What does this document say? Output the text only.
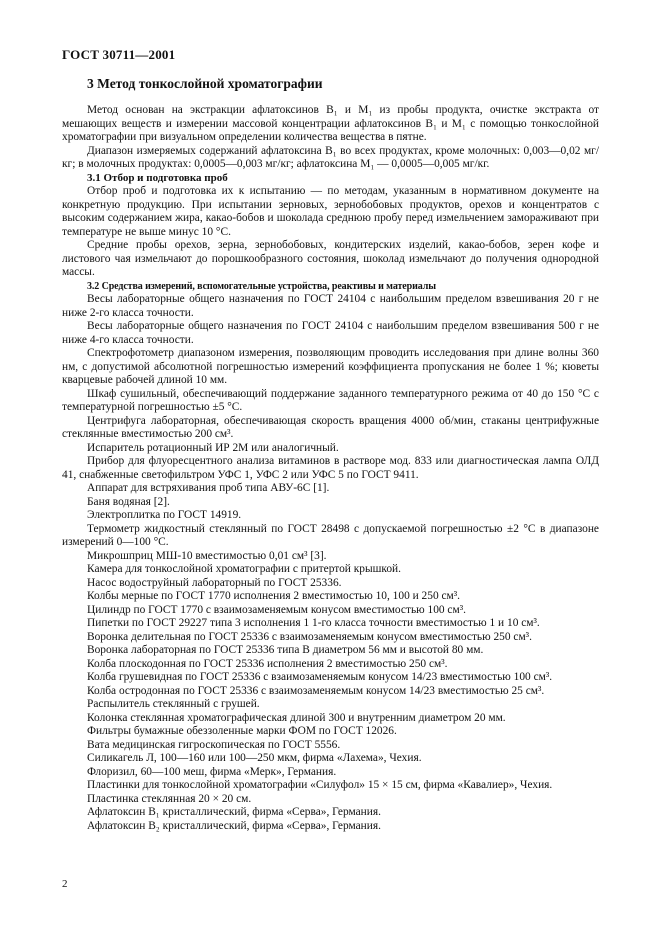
ГОСТ 30711—2001
3 Метод тонкослойной хроматографии

Метод основан на экстракции афлатоксинов B₁ и M₁ из пробы продукта, очистке экстракта от мешающих веществ и измерении массовой концентрации афлатоксинов B₁ и M₁ с помощью тонкослойной хроматографии при визуальном определении количества вещества в пятне.

Диапазон измеряемых содержаний афлатоксина B₁ во всех продуктах, кроме молочных: 0,003—0,02 мг/кг; в молочных продуктах: 0,0005—0,003 мг/кг; афлатоксина M₁ — 0,0005—0,005 мг/кг.

3.1 Отбор и подготовка проб

Отбор проб и подготовка их к испытанию — по методам, указанным в нормативном документе на конкретную продукцию. При испытании зерновых, зернобобовых продуктов, орехов и концентратов с высоким содержанием жира, какао-бобов и шоколада среднюю пробу перед измельчением замораживают при температуре не выше минус 10 °С.

Средние пробы орехов, зерна, зернобобовых, кондитерских изделий, какао-бобов, зерен кофе и листового чая измельчают до порошкообразного состояния, шоколад измельчают до получения однородной массы.

3.2 Средства измерений, вспомогательные устройства, реактивы и материалы

Весы лабораторные общего назначения по ГОСТ 24104 с наибольшим пределом взвешивания 20 г не ниже 2-го класса точности.

Весы лабораторные общего назначения по ГОСТ 24104 с наибольшим пределом взвешивания 500 г не ниже 4-го класса точности.

Спектрофотометр диапазоном измерения, позволяющим проводить исследования при длине волны 360 нм, с допустимой абсолютной погрешностью измерений коэффициента пропускания не более 1 %; кюветы кварцевые рабочей длиной 10 мм.

Шкаф сушильный, обеспечивающий поддержание заданного температурного режима от 40 до 150 °С с температурной погрешностью ±5 °С.

Центрифуга лабораторная, обеспечивающая скорость вращения 4000 об/мин, стаканы центрифужные стеклянные вместимостью 200 см³.

Испаритель ротационный ИР 2М или аналогичный.

Прибор для флуоресцентного анализа витаминов в растворе мод. 833 или диагностическая лампа ОЛД 41, снабженные светофильтром УФС 1, УФС 2 или УФС 5 по ГОСТ 9411.

Аппарат для встряхивания проб типа АВУ-6С [1].

Баня водяная [2].

Электроплитка по ГОСТ 14919.

Термометр жидкостный стеклянный по ГОСТ 28498 с допускаемой погрешностью ±2 °С в диапазоне измерений 0—100 °С.

Микрошприц МШ-10 вместимостью 0,01 см³ [3].

Камера для тонкослойной хроматографии с притертой крышкой.

Насос водоструйный лабораторный по ГОСТ 25336.

Колбы мерные по ГОСТ 1770 исполнения 2 вместимостью 10, 100 и 250 см³.

Цилиндр по ГОСТ 1770 с взаимозаменяемым конусом вместимостью 100 см³.

Пипетки по ГОСТ 29227 типа 3 исполнения 1 1-го класса точности вместимостью 1 и 10 см³.

Воронка делительная по ГОСТ 25336 с взаимозаменяемым конусом вместимостью 250 см³.

Воронка лабораторная по ГОСТ 25336 типа В диаметром 56 мм и высотой 80 мм.

Колба плоскодонная по ГОСТ 25336 исполнения 2 вместимостью 250 см³.

Колба грушевидная по ГОСТ 25336 с взаимозаменяемым конусом 14/23 вместимостью 100 см³.

Колба остродонная по ГОСТ 25336 с взаимозаменяемым конусом 14/23 вместимостью 25 см³.

Распылитель стеклянный с грушей.

Колонка стеклянная хроматографическая длиной 300 и внутренним диаметром 20 мм.

Фильтры бумажные обеззоленные марки ФОМ по ГОСТ 12026.

Вата медицинская гигроскопическая по ГОСТ 5556.

Силикагель Л, 100—160 или 100—250 мкм, фирма «Лахема», Чехия.

Флоризил, 60—100 меш, фирма «Мерк», Германия.

Пластинки для тонкослойной хроматографии «Силуфол» 15 × 15 см, фирма «Кавалиер», Чехия.

Пластинка стеклянная 20 × 20 см.

Афлатоксин B₁ кристаллический, фирма «Серва», Германия.

Афлатоксин B₂ кристаллический, фирма «Серва», Германия.

2
